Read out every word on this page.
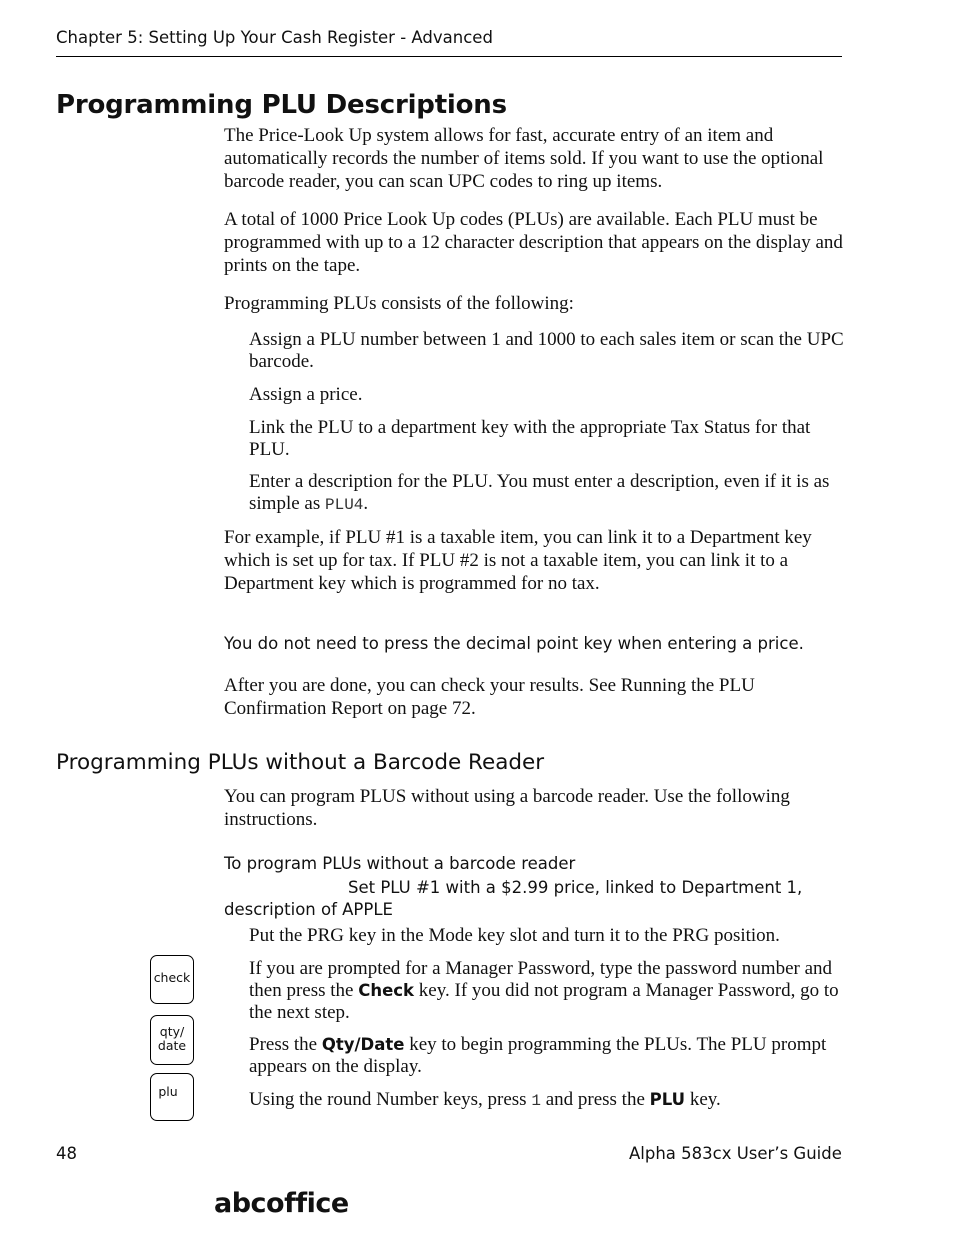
Chapter 5: Setting Up Your Cash Register - Advanced
Programming PLU Descriptions
The Price-Look Up system allows for fast, accurate entry of an item and automatically records the number of items sold. If you want to use the optional barcode reader, you can scan UPC codes to ring up items.
A total of 1000 Price Look Up codes (PLUs) are available. Each PLU must be programmed with up to a 12 character description that appears on the display and prints on the tape.
Programming PLUs consists of the following:
Assign a PLU number between 1 and 1000 to each sales item or scan the UPC barcode.
Assign a price.
Link the PLU to a department key with the appropriate Tax Status for that PLU.
Enter a description for the PLU. You must enter a description, even if it is as simple as PLU4.
For example, if PLU #1 is a taxable item, you can link it to a Department key which is set up for tax. If PLU #2 is not a taxable item, you can link it to a Department key which is programmed for no tax.
You do not need to press the decimal point key when entering a price.
After you are done, you can check your results. See Running the PLU Confirmation Report on page 72.
Programming PLUs without a Barcode Reader
You can program PLUS without using a barcode reader. Use the following instructions.
To program PLUs without a barcode reader
Set PLU #1 with a $2.99 price, linked to Department 1,
description of APPLE
Put the PRG key in the Mode key slot and turn it to the PRG position.
If you are prompted for a Manager Password, type the password number and then press the Check key. If you did not program a Manager Password, go to the next step.
Press the Qty/Date key to begin programming the PLUs. The PLU prompt appears on the display.
Using the round Number keys, press 1 and press the PLU key.
check
qty/
date
plu
48	Alpha 583cx User’s Guide
abcoffice
